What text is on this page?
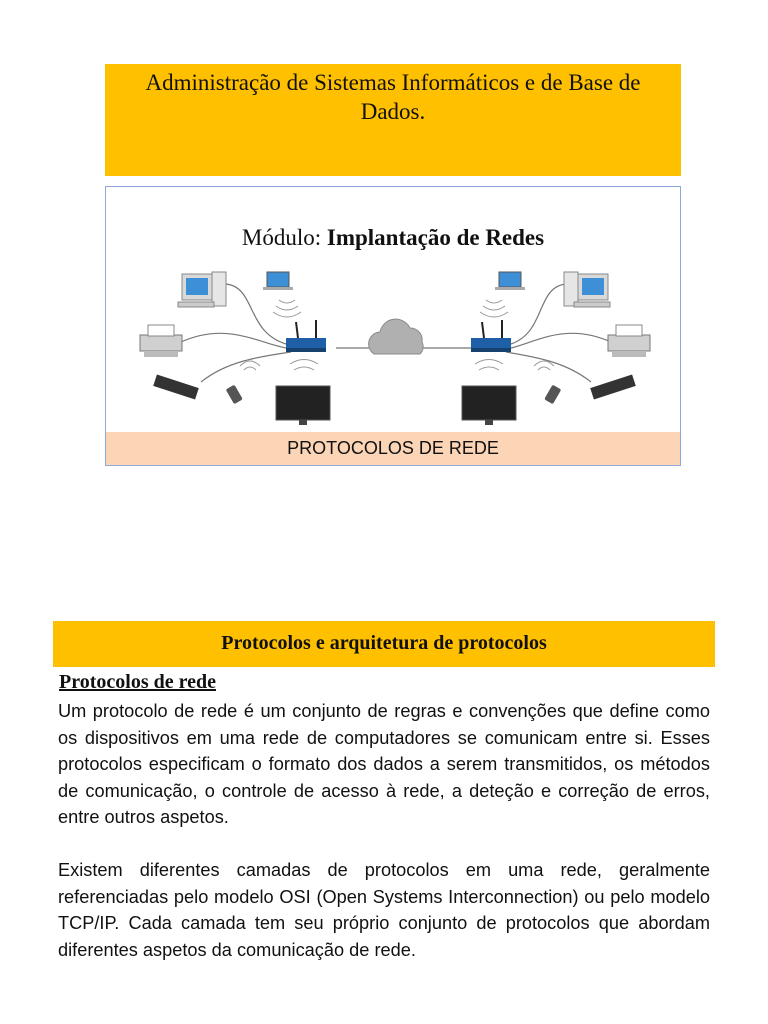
Administração de Sistemas Informáticos e de Base de
Dados.
Módulo: Implantação de Redes
PROTOCOLOS DE REDE
Protocolos e arquitetura de protocolos
Protocolos de rede
Um protocolo de rede é um conjunto de regras e convenções que define como os dispositivos em uma rede de computadores se comunicam entre si. Esses protocolos especificam o formato dos dados a serem transmitidos, os métodos de comunicação, o controle de acesso à rede, a deteção e correção de erros, entre outros aspetos.
Existem diferentes camadas de protocolos em uma rede, geralmente referenciadas pelo modelo OSI (Open Systems Interconnection) ou pelo modelo TCP/IP. Cada camada tem seu próprio conjunto de protocolos que abordam diferentes aspetos da comunicação de rede.
